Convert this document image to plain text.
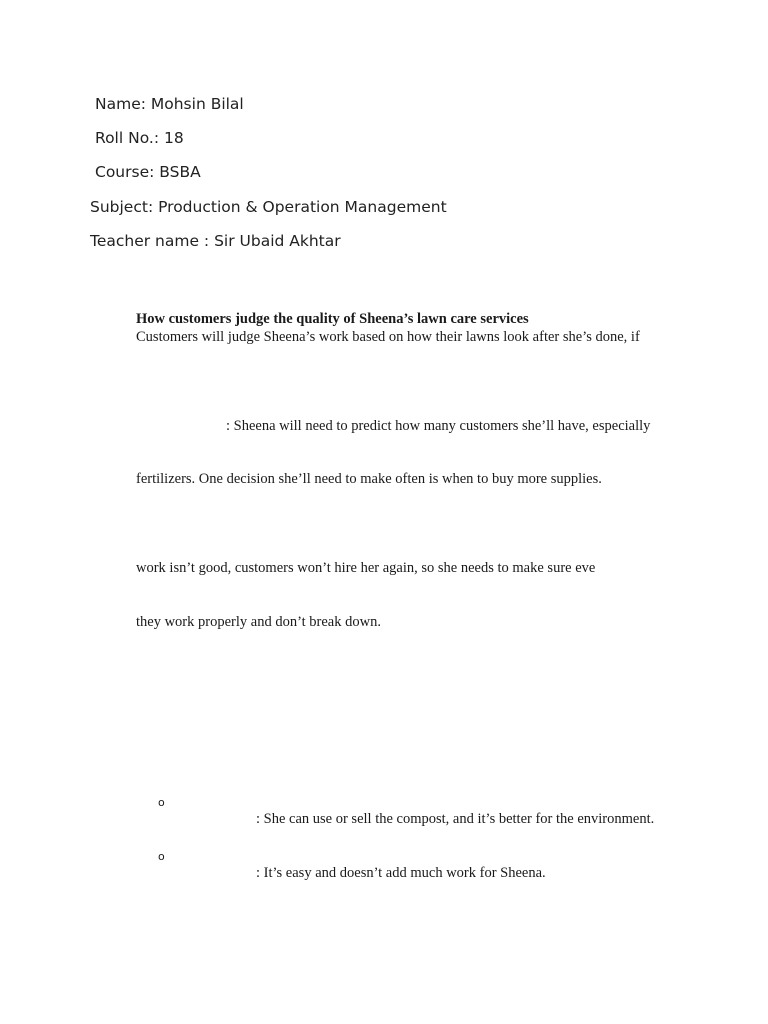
Name: Mohsin Bilal
Roll No.: 18
Course: BSBA
Subject: Production & Operation Management
Teacher name : Sir Ubaid Akhtar
How customers judge the quality of Sheena’s lawn care services
Customers will judge Sheena’s work based on how their lawns look after she’s done, if
: Sheena will need to predict how many customers she’ll have, especially
fertilizers. One decision she’ll need to make often is when to buy more supplies.
work isn’t good, customers won’t hire her again, so she needs to make sure eve
they work properly and don’t break down.
o
: She can use or sell the compost, and it’s better for the environment.
o
: It’s easy and doesn’t add much work for Sheena.
